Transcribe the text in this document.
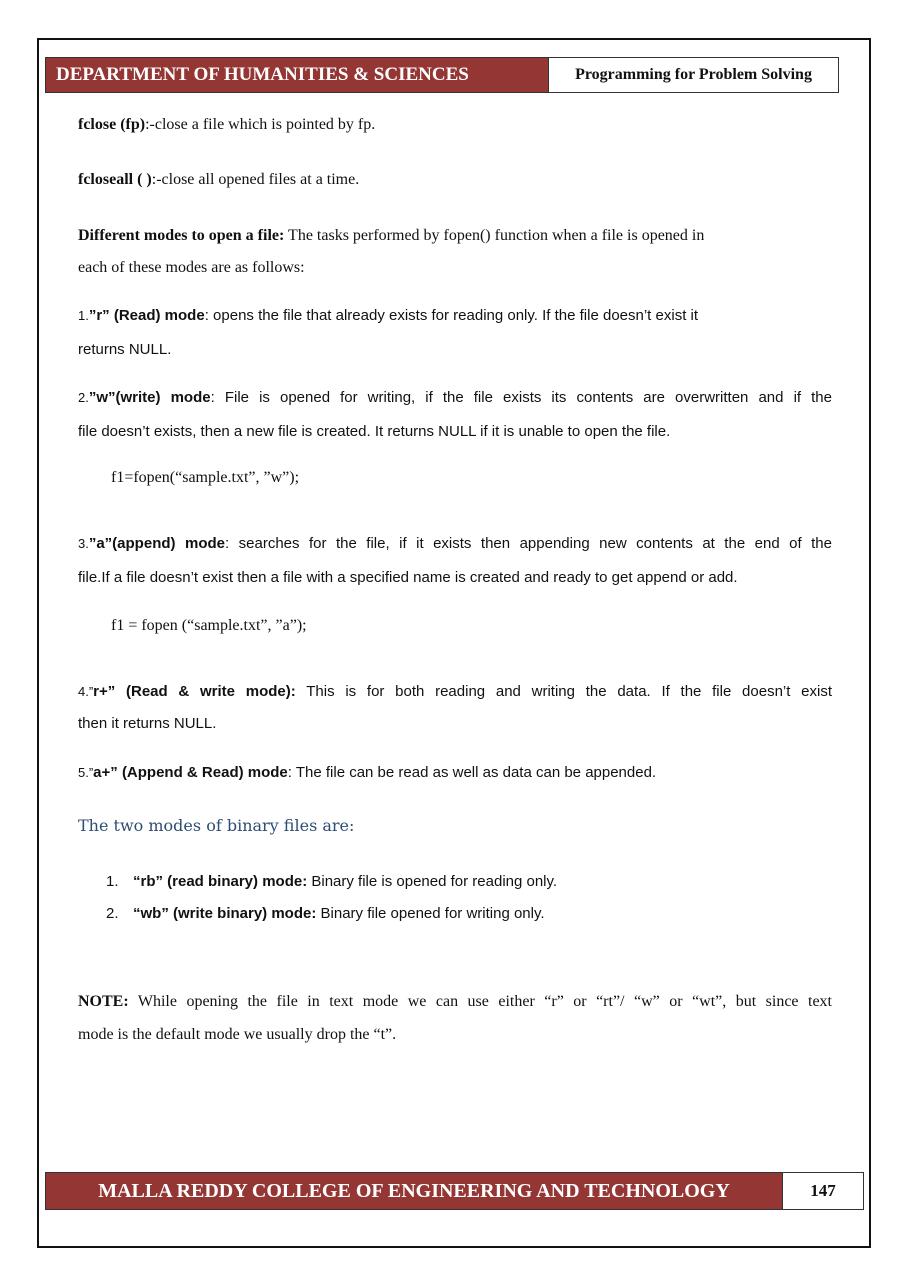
DEPARTMENT OF HUMANITIES & SCIENCES	Programming for Problem Solving
fclose (fp):-close a file which is pointed by fp.
fcloseall ( ):-close all opened files at a time.
Different modes to open a file: The tasks performed by fopen() function when a file is opened in
each of these modes are as follows:
1.”r” (Read) mode: opens the file that already exists for reading only. If the file doesn’t exist it
returns NULL.
2.”w”(write) mode: File is opened for writing, if the file exists its contents are overwritten and if the
file doesn’t exists, then a new file is created. It returns NULL if it is unable to open the file.
f1=fopen(“sample.txt”, ”w”);
3.”a”(append) mode: searches for the file, if it exists then appending new contents at the end of the
file.If a file doesn’t exist then a file with a specified name is created and ready to get append or add.
f1 = fopen (“sample.txt”, ”a”);
4.”r+” (Read & write mode): This is for both reading and writing the data. If the file doesn’t exist
then it returns NULL.
5.”a+” (Append & Read) mode: The file can be read as well as data can be appended.
The two modes of binary files are:
1. “rb” (read binary) mode: Binary file is opened for reading only.
2. “wb” (write binary) mode: Binary file opened for writing only.
NOTE: While opening the file in text mode we can use either “r” or “rt”/ “w” or “wt”, but since text
mode is the default mode we usually drop the “t”.
MALLA REDDY COLLEGE OF ENGINEERING AND TECHNOLOGY	147
